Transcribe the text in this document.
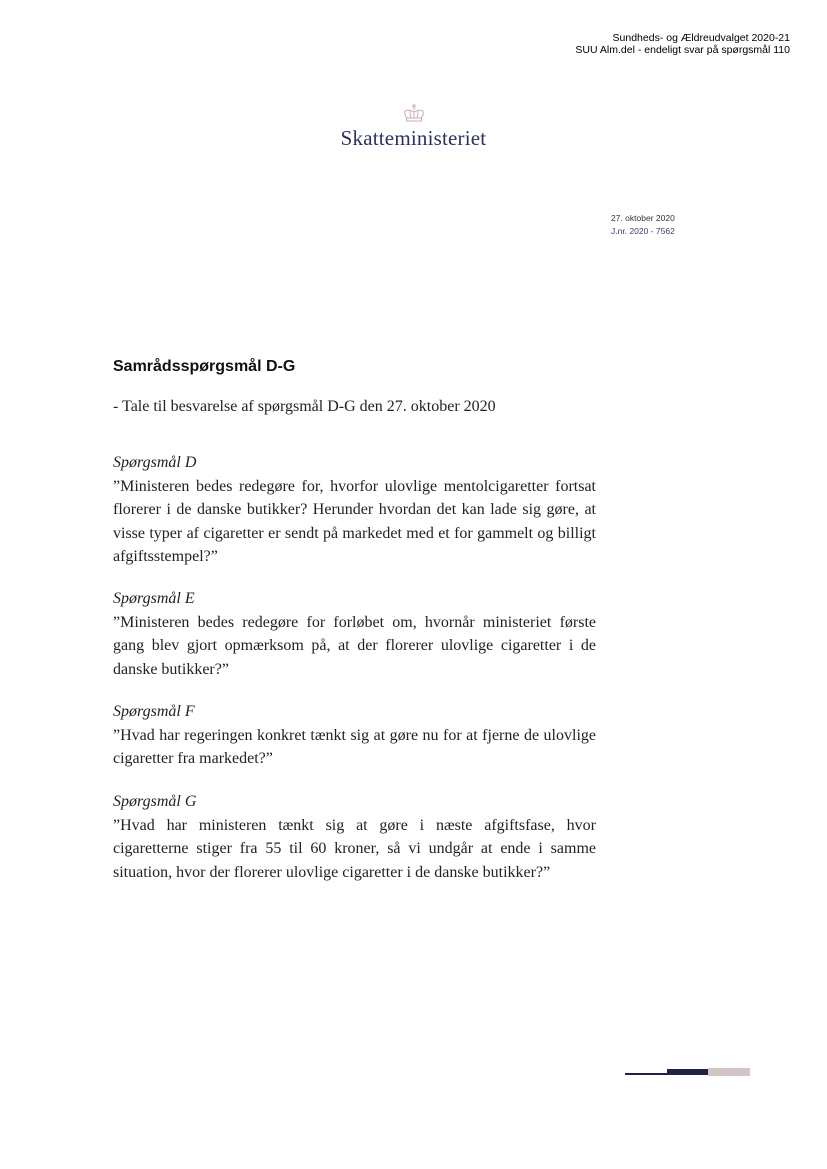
Sundheds- og Ældreudvalget 2020-21
SUU Alm.del - endeligt svar på spørgsmål 110
Skatteministeriet
27. oktober 2020
J.nr. 2020 - 7562
Samrådsspørgsmål D-G

- Tale til besvarelse af spørgsmål D-G den 27. oktober 2020

Spørgsmål D
”Ministeren bedes redegøre for, hvorfor ulovlige mentolcigaretter fortsat florerer i de danske butikker? Herunder hvordan det kan lade sig gøre, at visse typer af cigaretter er sendt på markedet med et for gammelt og billigt afgiftsstempel?”
Spørgsmål E
”Ministeren bedes redegøre for forløbet om, hvornår ministeriet første gang blev gjort opmærksom på, at der florerer ulovlige cigaretter i de danske butikker?”
Spørgsmål F
”Hvad har regeringen konkret tænkt sig at gøre nu for at fjerne de ulovlige cigaretter fra markedet?”
Spørgsmål G
”Hvad har ministeren tænkt sig at gøre i næste afgiftsfase, hvor cigaretterne stiger fra 55 til 60 kroner, så vi undgår at ende i samme situation, hvor der florerer ulovlige cigaretter i de danske butikker?”
